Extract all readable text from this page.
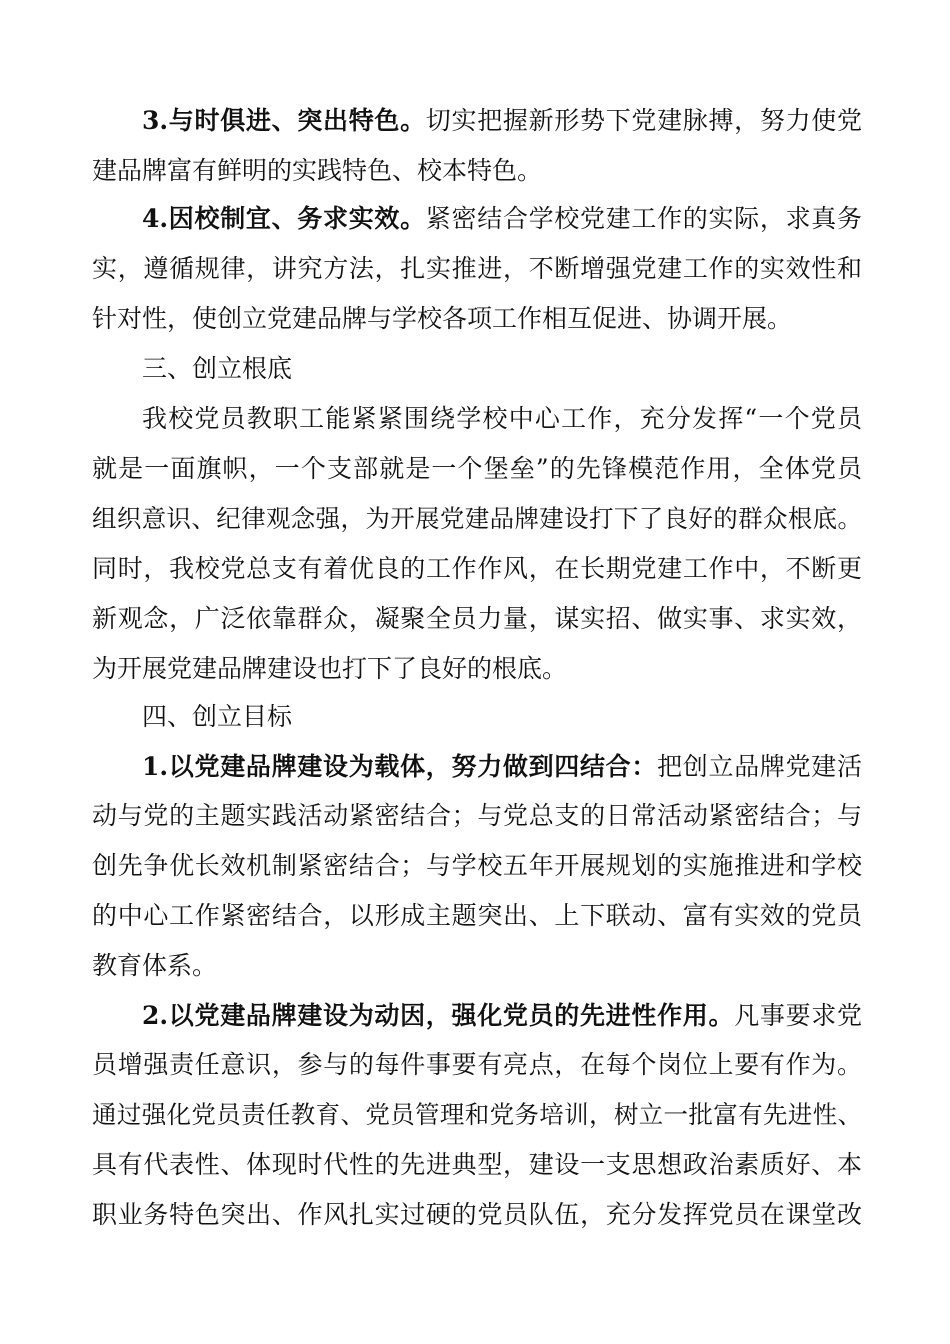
3.与时俱进、突出特色。切实把握新形势下党建脉搏，努力使党
建品牌富有鲜明的实践特色、校本特色。
4.因校制宜、务求实效。紧密结合学校党建工作的实际，求真务
实，遵循规律，讲究方法，扎实推进，不断增强党建工作的实效性和
针对性，使创立党建品牌与学校各项工作相互促进、协调开展。
三、创立根底
我校党员教职工能紧紧围绕学校中心工作，充分发挥“一个党员
就是一面旗帜，一个支部就是一个堡垒”的先锋模范作用，全体党员
组织意识、纪律观念强，为开展党建品牌建设打下了良好的群众根底。
同时，我校党总支有着优良的工作作风，在长期党建工作中，不断更
新观念，广泛依靠群众，凝聚全员力量，谋实招、做实事、求实效，
为开展党建品牌建设也打下了良好的根底。
四、创立目标
1.以党建品牌建设为载体，努力做到四结合：把创立品牌党建活
动与党的主题实践活动紧密结合；与党总支的日常活动紧密结合；与
创先争优长效机制紧密结合；与学校五年开展规划的实施推进和学校
的中心工作紧密结合，以形成主题突出、上下联动、富有实效的党员
教育体系。
2.以党建品牌建设为动因，强化党员的先进性作用。凡事要求党
员增强责任意识，参与的每件事要有亮点，在每个岗位上要有作为。
通过强化党员责任教育、党员管理和党务培训，树立一批富有先进性、
具有代表性、体现时代性的先进典型，建设一支思想政治素质好、本
职业务特色突出、作风扎实过硬的党员队伍，充分发挥党员在课堂改
